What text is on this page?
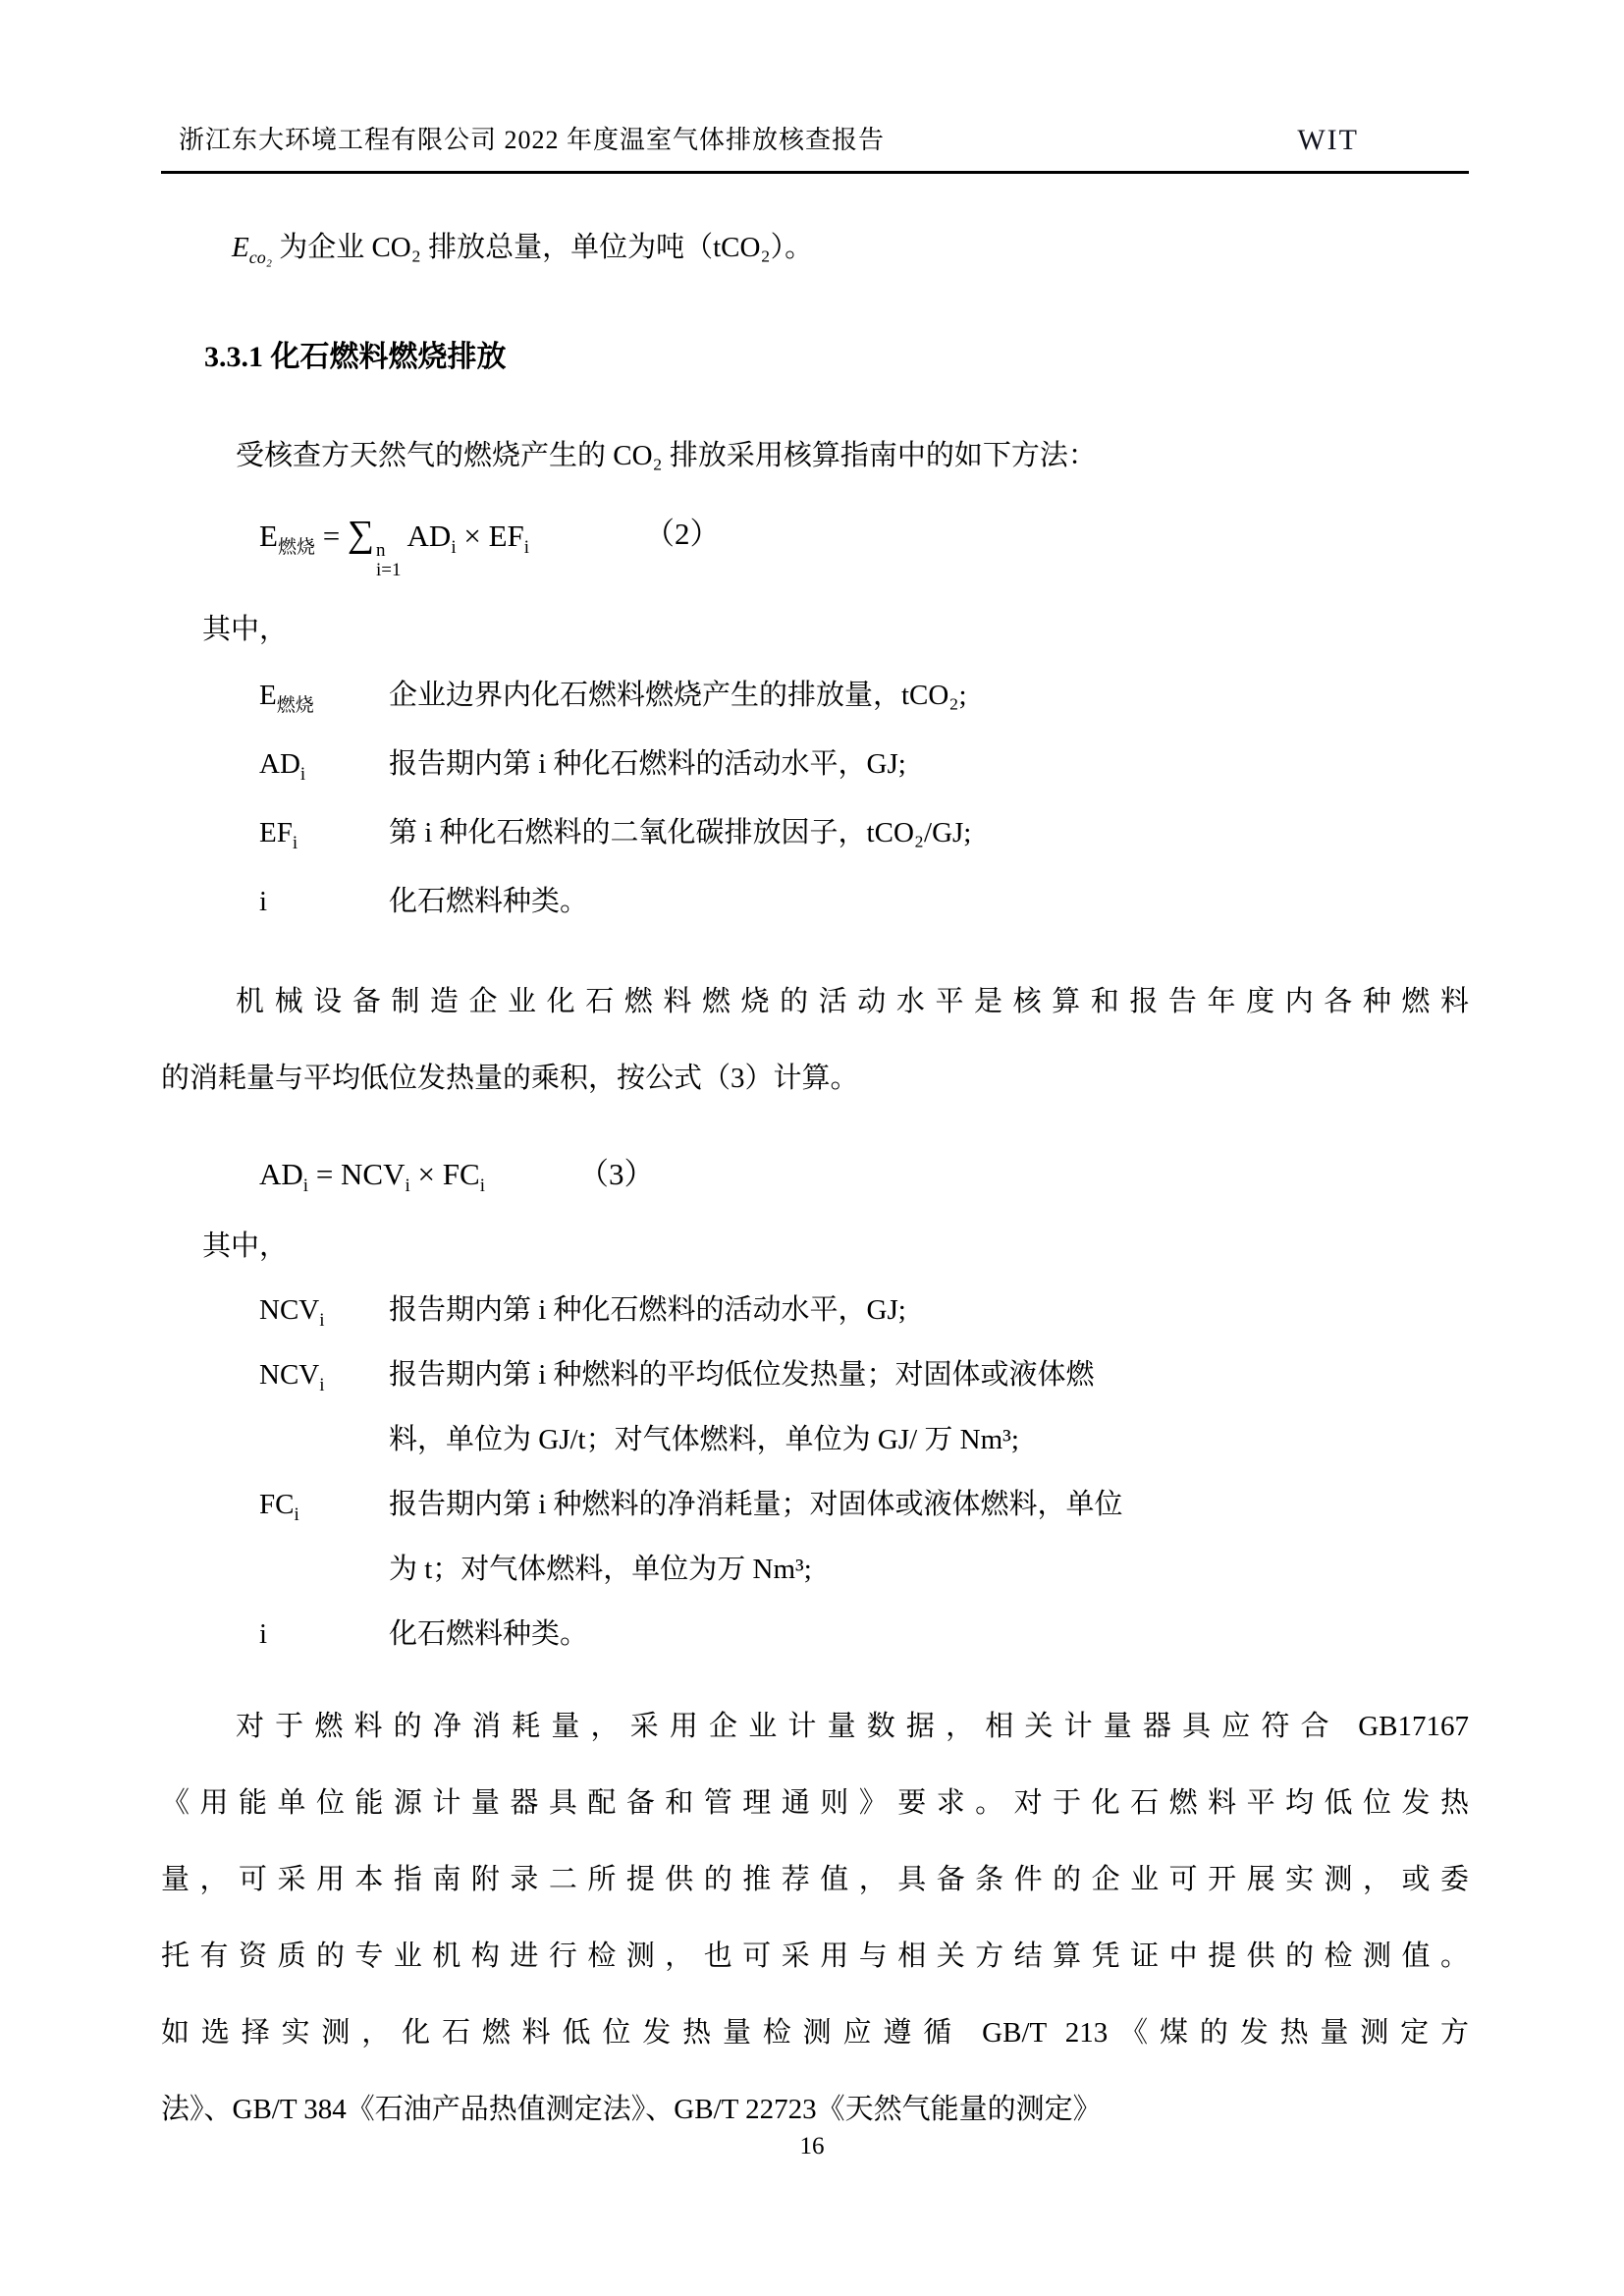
浙江东大环境工程有限公司 2022 年度温室气体排放核查报告	WIT
$E_{co_2}$ 为企业 CO₂ 排放总量，单位为吨（tCO₂）。
3.3.1 化石燃料燃烧排放
受核查方天然气的燃烧产生的 CO₂ 排放采用核算指南中的如下方法：
$E_{燃烧}$ = ∑ n
i=1
$AD_i \times EF_i$	（2）
其中，
$E_{燃烧}$	企业边界内化石燃料燃烧产生的排放量，tCO₂;
$AD_i$	报告期内第 i 种化石燃料的活动水平，GJ;
$EF_i$	第 i 种化石燃料的二氧化碳排放因子，tCO₂/GJ;
i	化石燃料种类。
机械设备制造企业化石燃料燃烧的活动水平是核算和报告年度内各种燃料
的消耗量与平均低位发热量的乘积，按公式（3）计算。
$AD_i = NCV_i \times FC_i$	（3）
其中，
$NCV_i$	报告期内第 i 种化石燃料的活动水平，GJ;
$NCV_i$	报告期内第 i 种燃料的平均低位发热量；对固体或液体燃
料，单位为 GJ/t；对气体燃料，单位为 GJ/ 万 Nm³;
$FC_i$	报告期内第 i 种燃料的净消耗量；对固体或液体燃料，单位
为 t；对气体燃料，单位为万 Nm³;
i	化石燃料种类。
对于燃料的净消耗量，采用企业计量数据，相关计量器具应符合 GB17167
《用能单位能源计量器具配备和管理通则》要求。对于化石燃料平均低位发热
量，可采用本指南附录二所提供的推荐值，具备条件的企业可开展实测，或委
托有资质的专业机构进行检测，也可采用与相关方结算凭证中提供的检测值。
如选择实测，化石燃料低位发热量检测应遵循 GB/T 213《煤的发热量测定方
法》、GB/T 384《石油产品热值测定法》、GB/T 22723《天然气能量的测定》
16
